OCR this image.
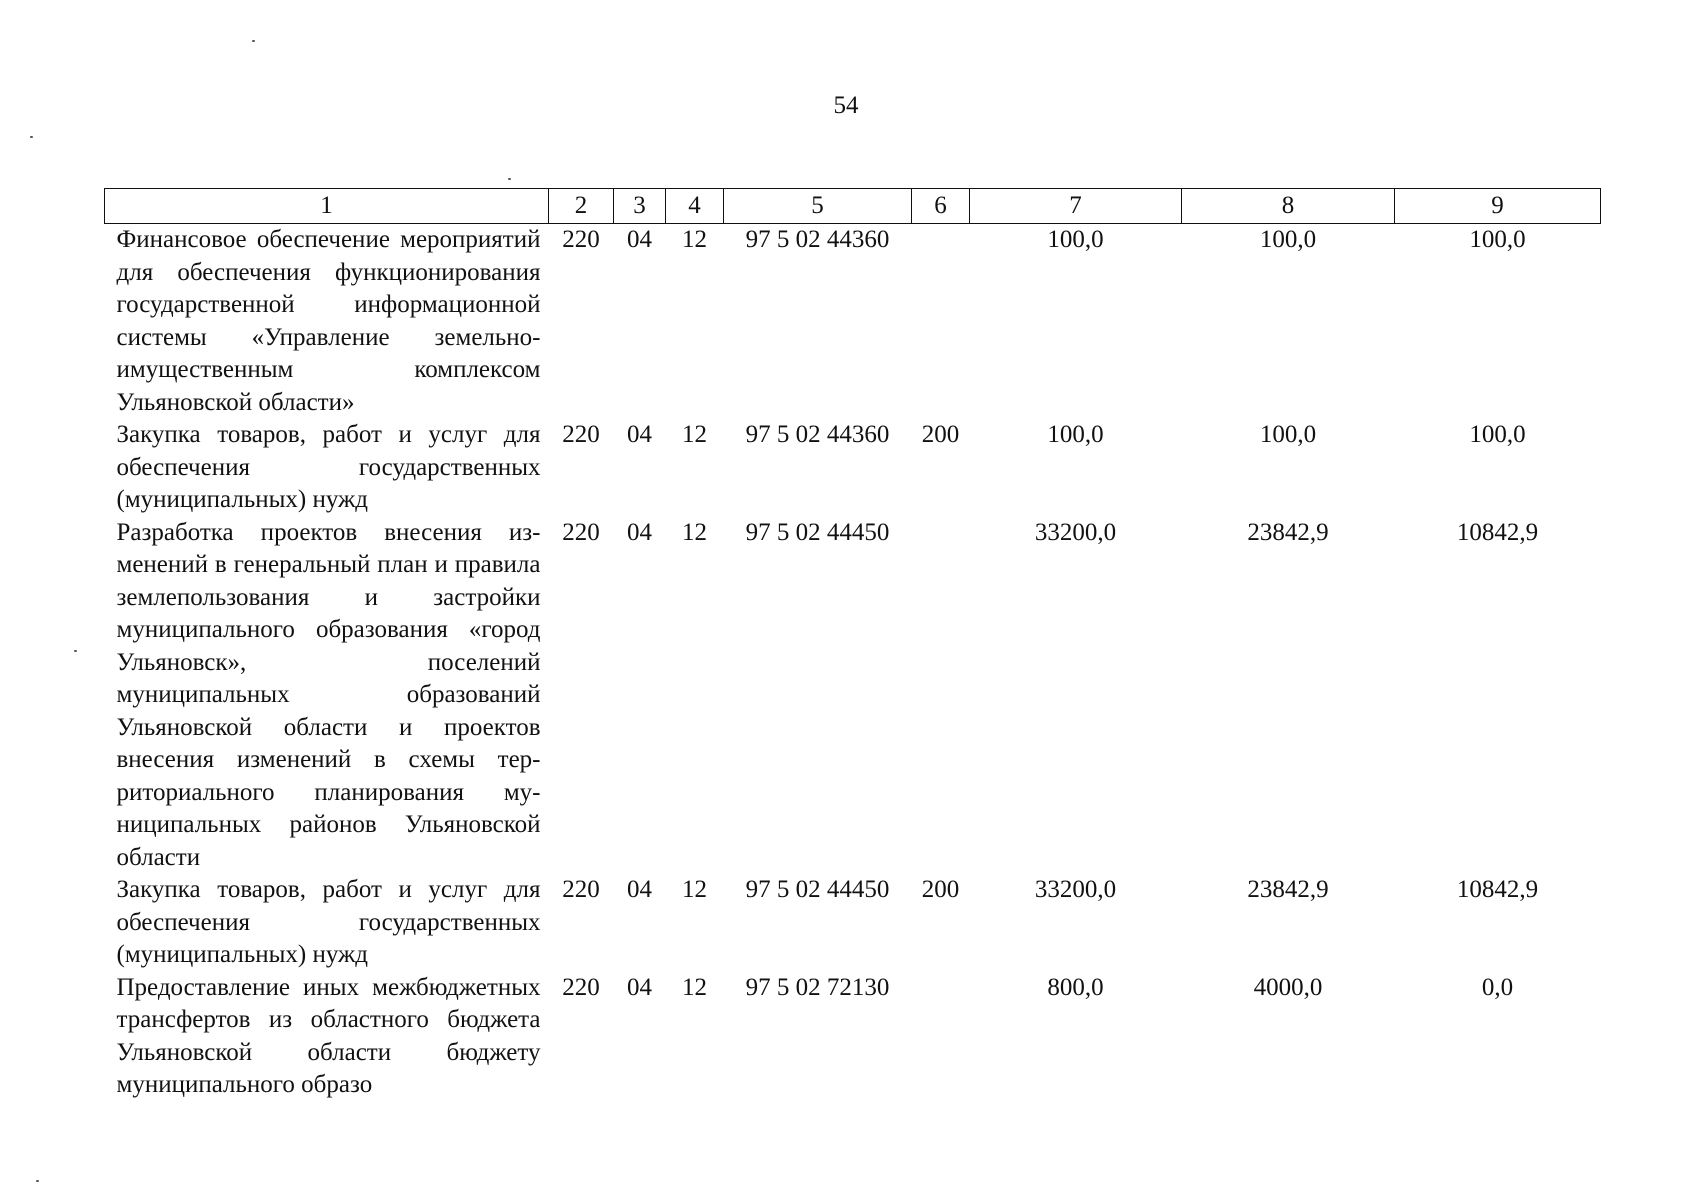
54
1	2	3	4	5	6	7	8	9
Финансовое обеспечение мероприятий для обеспечения функционирования государственной информационной системы «Управление земельно-имущественным комплексом Ульяновской области»	220	04	12	97 5 02 44360		100,0	100,0	100,0
Закупка товаров, работ и услуг для обеспечения государственных (муниципальных) нужд	220	04	12	97 5 02 44360	200	100,0	100,0	100,0
Разработка проектов внесения изменений в генеральный план и правила землепользования и застройки муниципального образования «город Ульяновск», поселений муниципальных образований Ульяновской области и проектов внесения изменений в схемы территориального планирования муниципальных районов Ульяновской области	220	04	12	97 5 02 44450		33200,0	23842,9	10842,9
Закупка товаров, работ и услуг для обеспечения государственных (муниципальных) нужд	220	04	12	97 5 02 44450	200	33200,0	23842,9	10842,9
Предоставление иных межбюджетных трансфертов из областного бюджета Ульяновской области бюджету муниципального образо	220	04	12	97 5 02 72130		800,0	4000,0	0,0
